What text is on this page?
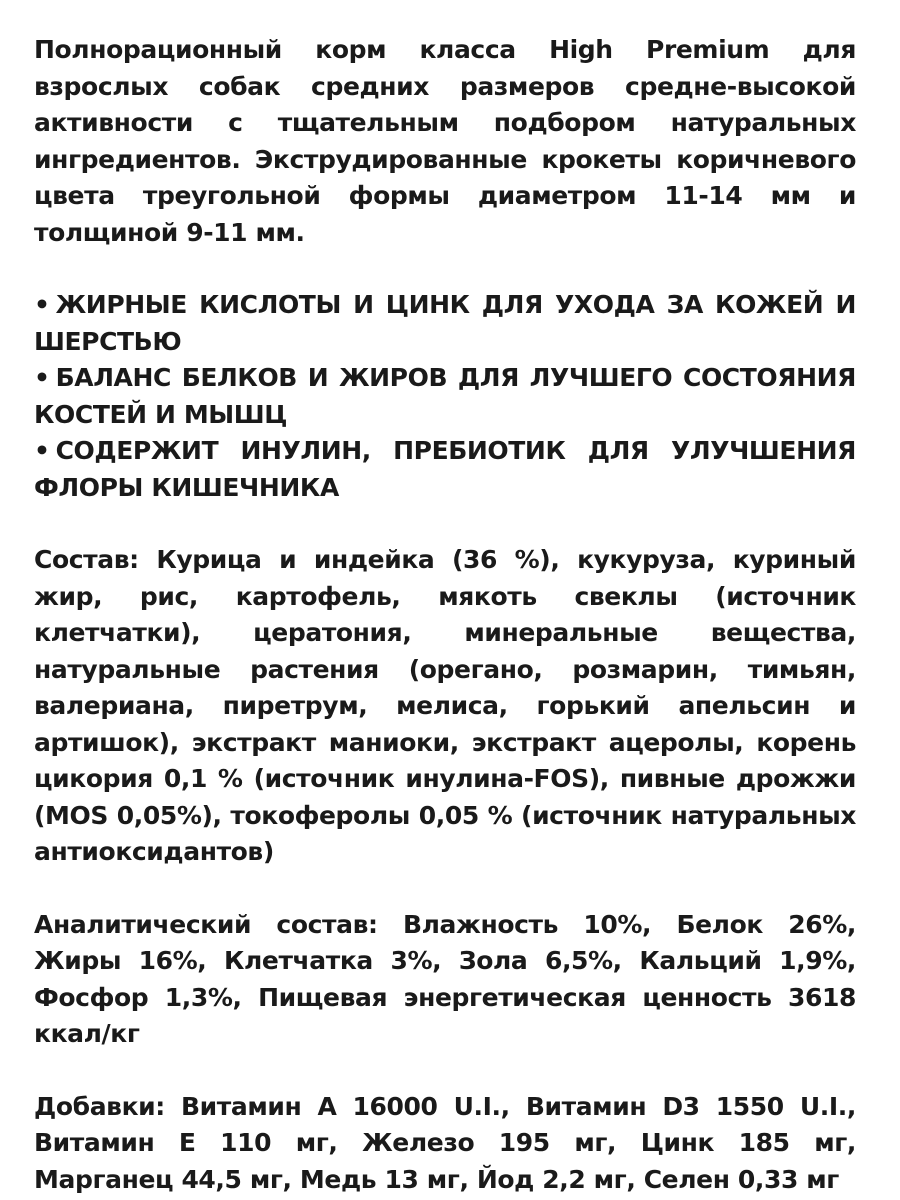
Полнорационный корм класса High Premium для взрослых собак средних размеров средне-высокой активности с тщательным подбором натуральных ингредиентов. Экструдированные крокеты коричневого цвета треугольной формы диаметром 11-14 мм и толщиной 9-11 мм.

• ЖИРНЫЕ КИСЛОТЫ И ЦИНК ДЛЯ УХОДА ЗА КОЖЕЙ И ШЕРСТЬЮ
• БАЛАНС БЕЛКОВ И ЖИРОВ ДЛЯ ЛУЧШЕГО СОСТОЯНИЯ КОСТЕЙ И МЫШЦ
• СОДЕРЖИТ ИНУЛИН, ПРЕБИОТИК ДЛЯ УЛУЧШЕНИЯ ФЛОРЫ КИШЕЧНИКА

Состав: Курица и индейка (36 %), кукуруза, куриный жир, рис, картофель, мякоть свеклы (источник клетчатки), цератония, минеральные вещества, натуральные растения (орегано, розмарин, тимьян, валериана, пиретрум, мелиса, горький апельсин и артишок), экстракт маниоки, экстракт ацеролы, корень цикория 0,1 % (источник инулина-FOS), пивные дрожжи (MOS 0,05%), токоферолы 0,05 % (источник натуральных антиоксидантов)

Аналитический состав: Влажность 10%, Белок 26%, Жиры 16%, Клетчатка 3%, Зола 6,5%, Кальций 1,9%, Фосфор 1,3%, Пищевая энергетическая ценность 3618 ккал/кг

Добавки: Витамин A 16000 U.I., Витамин D3 1550 U.I., Витамин E 110 мг, Железо 195 мг, Цинк 185 мг, Марганец 44,5 мг, Медь 13 мг, Йод 2,2 мг, Селен 0,33 мг
